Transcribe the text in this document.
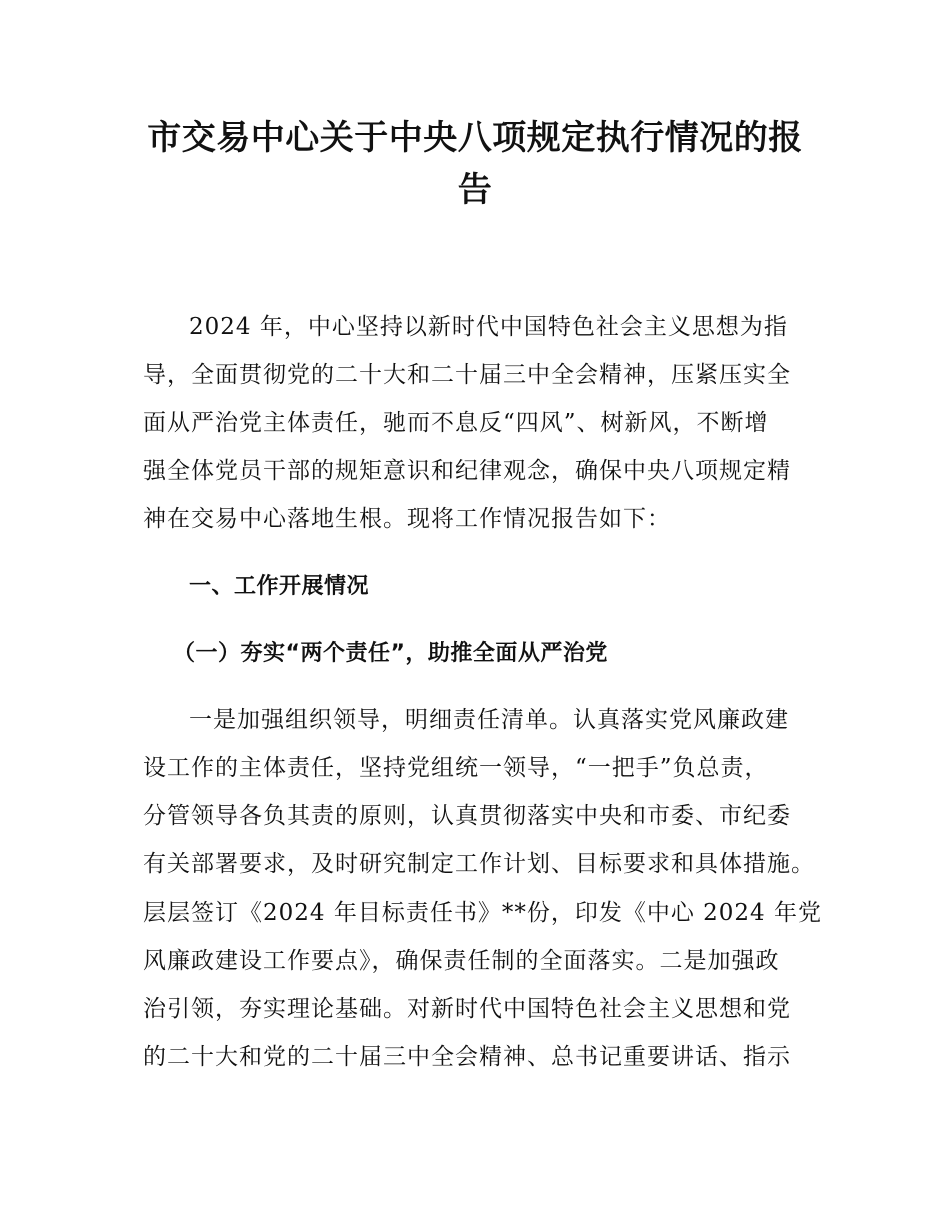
市交易中心关于中央八项规定执行情况的报
告

2024 年，中心坚持以新时代中国特色社会主义思想为指

导，全面贯彻党的二十大和二十届三中全会精神，压紧压实全

面从严治党主体责任，驰而不息反“四风”、树新风，不断增

强全体党员干部的规矩意识和纪律观念，确保中央八项规定精

神在交易中心落地生根。现将工作情况报告如下：

一、工作开展情况

（一）夯实“两个责任”，助推全面从严治党

一是加强组织领导，明细责任清单。认真落实党风廉政建

设工作的主体责任，坚持党组统一领导，“一把手”负总责，

分管领导各负其责的原则，认真贯彻落实中央和市委、市纪委

有关部署要求，及时研究制定工作计划、目标要求和具体措施。

层层签订《2024 年目标责任书》**份，印发《中心 2024 年党

风廉政建设工作要点》，确保责任制的全面落实。二是加强政

治引领，夯实理论基础。对新时代中国特色社会主义思想和党

的二十大和党的二十届三中全会精神、总书记重要讲话、指示
